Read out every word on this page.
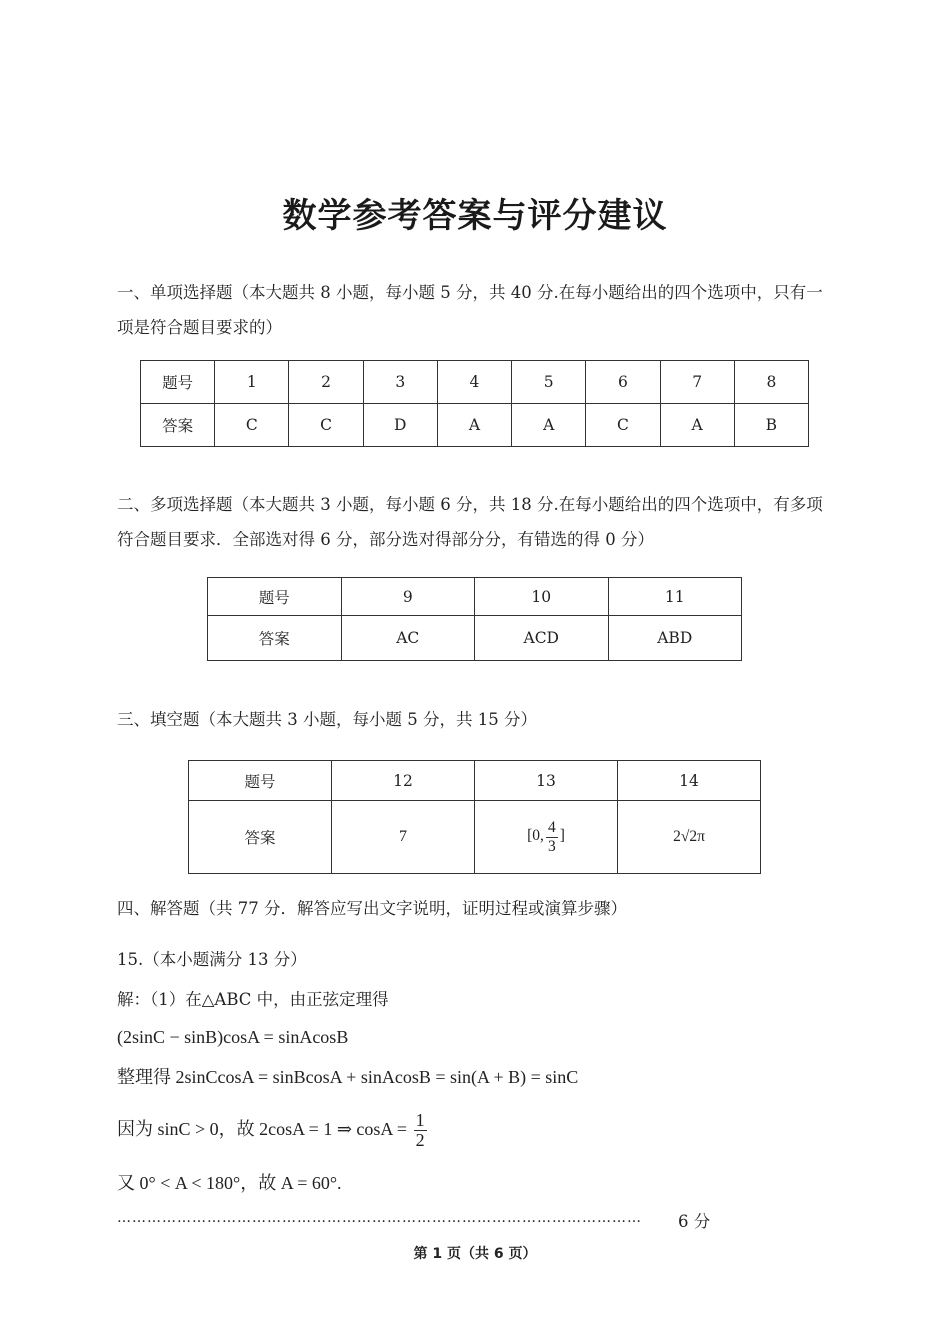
数学参考答案与评分建议
一、单项选择题（本大题共 8 小题，每小题 5 分，共 40 分.在每小题给出的四个选项中，只有一项是符合题目要求的）
题号	1	2	3	4	5	6	7	8
答案	C	C	D	A	A	C	A	B
二、多项选择题（本大题共 3 小题，每小题 6 分，共 18 分.在每小题给出的四个选项中，有多项符合题目要求．全部选对得 6 分，部分选对得部分分，有错选的得 0 分）
题号	9	10	11
答案	AC	ACD	ABD
三、填空题（本大题共 3 小题，每小题 5 分，共 15 分）
题号	12	13	14
答案	7	[0, $\frac{4}{3}$ ]	2√2π
四、解答题（共 77 分．解答应写出文字说明，证明过程或演算步骤）
15.（本小题满分 13 分）
解：（1）在△ABC 中，由正弦定理得
(2sinC − sinB)cosA = sinAcosB
整理得 2sinCcosA = sinBcosA + sinAcosB = sin(A + B) = sinC
因为 sinC > 0，故 2cosA = 1 ⇒ $\cos A = \frac{1}{2}$
又 0° < A < 180°，故 A = 60°.
……………………………………………………………………………………………	6 分
第 1 页（共 6 页）
